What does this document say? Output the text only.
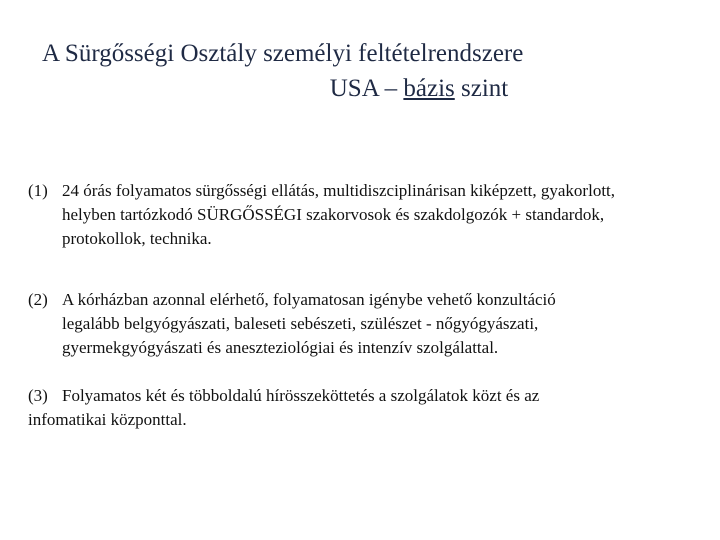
A Sürgősségi Osztály személyi feltételrendszere
USA – bázis szint
(1) 24 órás folyamatos sürgősségi ellátás, multidiszciplinárisan kiképzett, gyakorlott,
helyben tartózkodó SÜRGŐSSÉGI szakorvosok és szakdolgozók + standardok,
protokollok, technika.
(2) A kórházban azonnal elérhető, folyamatosan igénybe vehető konzultáció
legalább belgyógyászati, baleseti sebészeti, szülészet - nőgyógyászati,
gyermekgyógyászati és aneszteziológiai és intenzív szolgálattal.
(3) Folyamatos két és többoldalú hírösszeköttetés a szolgálatok közt és az
infomatikai központtal.
